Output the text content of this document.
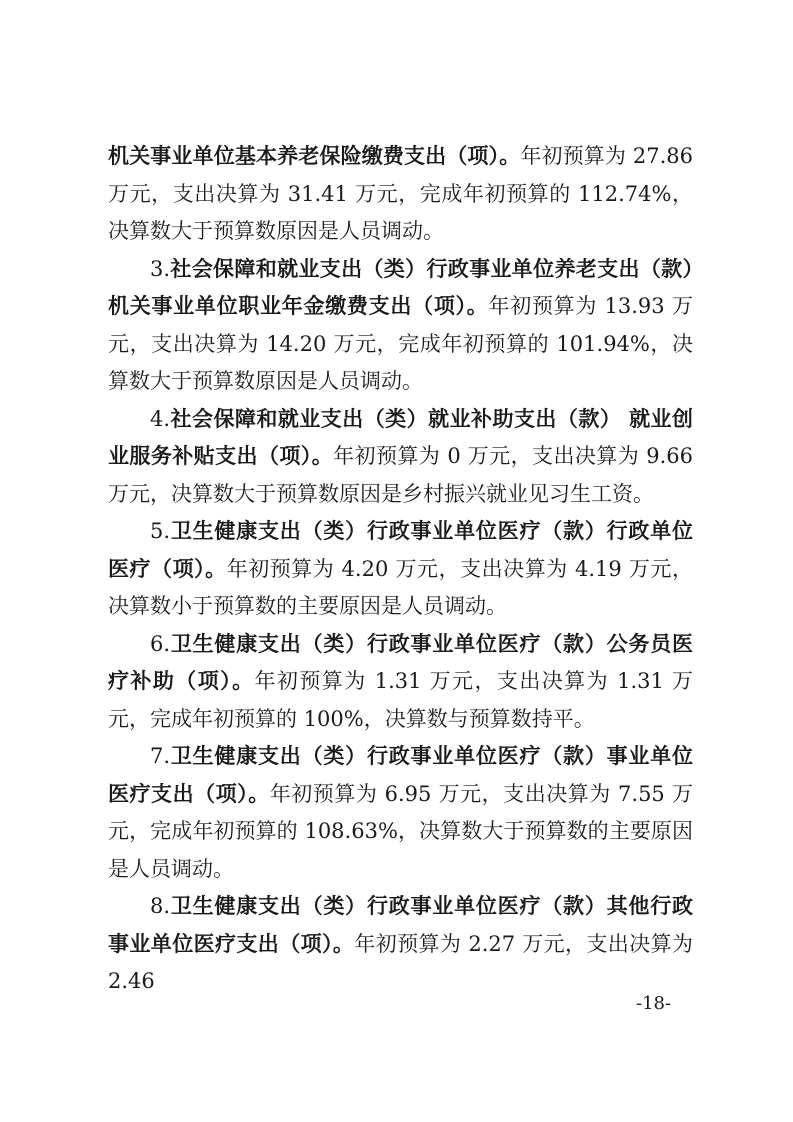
机关事业单位基本养老保险缴费支出（项）。年初预算为 27.86 万元，支出决算为 31.41 万元，完成年初预算的 112.74%，决算数大于预算数原因是人员调动。

3.社会保障和就业支出（类）行政事业单位养老支出（款）机关事业单位职业年金缴费支出（项）。年初预算为 13.93 万元，支出决算为 14.20 万元，完成年初预算的 101.94%，决算数大于预算数原因是人员调动。

4.社会保障和就业支出（类）就业补助支出（款） 就业创业服务补贴支出（项）。年初预算为 0 万元，支出决算为 9.66 万元，决算数大于预算数原因是乡村振兴就业见习生工资。

5.卫生健康支出（类）行政事业单位医疗（款）行政单位医疗（项）。年初预算为 4.20 万元，支出决算为 4.19 万元，决算数小于预算数的主要原因是人员调动。

6.卫生健康支出（类）行政事业单位医疗（款）公务员医疗补助（项）。年初预算为 1.31 万元，支出决算为 1.31 万元，完成年初预算的 100%，决算数与预算数持平。

7.卫生健康支出（类）行政事业单位医疗（款）事业单位医疗支出（项）。年初预算为 6.95 万元，支出决算为 7.55 万元，完成年初预算的 108.63%，决算数大于预算数的主要原因是人员调动。

8.卫生健康支出（类）行政事业单位医疗（款）其他行政事业单位医疗支出（项）。年初预算为 2.27 万元，支出决算为 2.46

-18-
